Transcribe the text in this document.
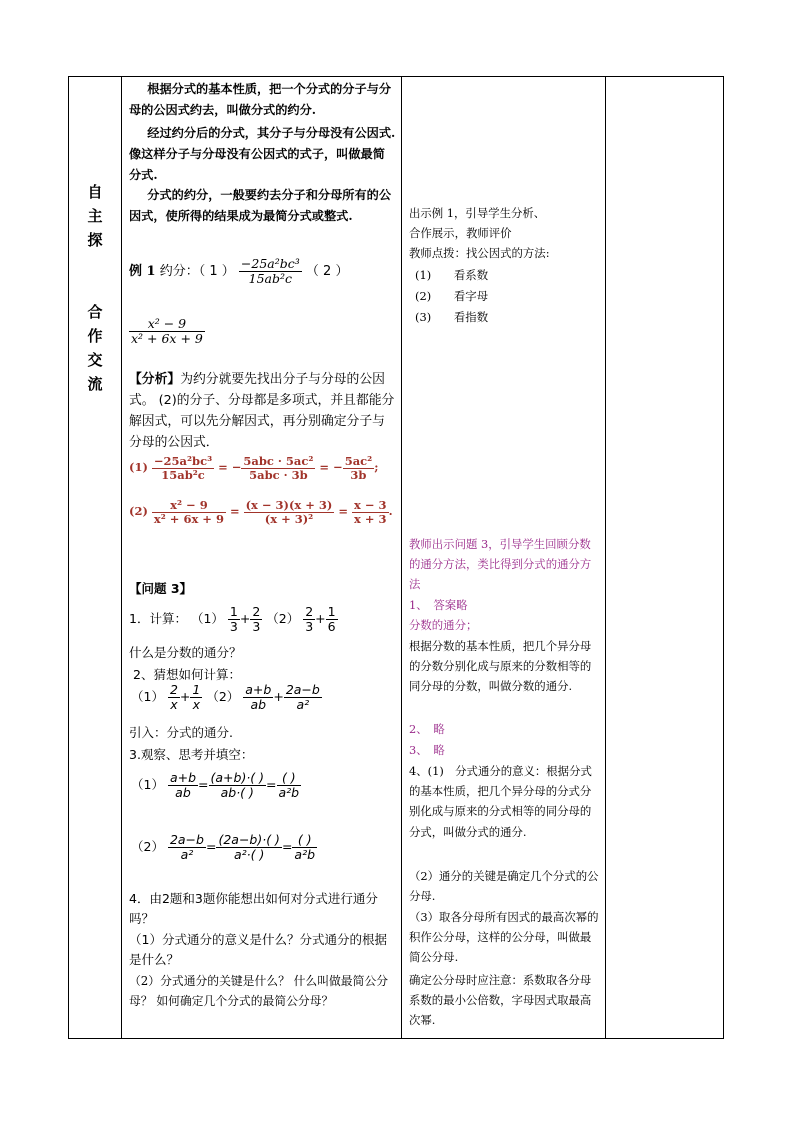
自
主
探
合
作
交
流

根据分式的基本性质，把一个分式的分子与分母的公因式约去，叫做分式的约分.

经过约分后的分式，其分子与分母没有公因式.像这样分子与分母没有公因式的式子，叫做最简分式.

分式的约分，一般要约去分子和分母所有的公因式，使所得的结果成为最简分式或整式.

例 1 约分：（ 1 ） $\frac{\text{−25a²bc³}}{\text{15ab²c}}$ （ 2 ）
$\frac{\text{x² − 9}}{\text{x² + 6x + 9}}$

【分析】为约分就要先找出分子与分母的公因式。 (2)的分子、分母都是多项式，并且都能分解因式，可以先分解因式，再分别确定分子与分母的公因式．

$(1) \frac{\text{−25a²bc³}}{\text{15ab²c}}$ = − $\frac{\text{5abc · 5ac²}}{\text{5abc · 3b}}$ = − $\frac{\text{5ac²}}{3b}$ ;
$(2) \frac{\text{x² − 9}}{\text{x² + 6x + 9}} = \frac{(x - 3)(x + 3)}{\text{(x + 3)²}} = \frac{x - 3}{x + 3}$ .
【问题 3】
1．计算： $(1) \frac{1}{3} + \frac{2}{3} (2) \frac{2}{3} + \frac{1}{6}$
什么是分数的通分？
2、猜想如何计算：
$(1) \frac{2}{x} + \frac{1}{x} (2) \frac{a+b}{ab} + \frac{2a-b}{\text{a²}}$
引入：分式的通分.
3.观察、思考并填空：
$(1) \frac{a+b}{ab} = \frac{(a+b)\cdot( )}{ab\cdot( )} = \frac{( )}{\text{a²b}}$
$(2) \frac{2a-b}{\text{a²}} = \frac{(2a-b)\cdot( )}{\text{a²·( )}} = \frac{( )}{\text{a²b}}$

4．由2题和3题你能想出如何对分式进行通分吗？

（1）分式通分的意义是什么？分式通分的根据是什么？

（2）分式通分的关键是什么？ 什么叫做最简公分母？ 如何确定几个分式的最简公分母？

出示例 1，引导学生分析、

合作展示，教师评价

教师点拨：找公因式的方法:

(1)　　看系数

(2)　　看字母

(3)　　看指数

教师出示问题 3，引导学生回顾分数的通分方法，类比得到分式的通分方法

1、　答案略

分数的通分；

根据分数的基本性质，把几个异分母的分数分别化成与原来的分数相等的同分母的分数，叫做分数的通分.

2、　略

3、　略

4、(1)　分式通分的意义：根据分式的基本性质，把几个异分母的分式分别化成与原来的分式相等的同分母的分式，叫做分式的通分.

（2）通分的关键是确定几个分式的公分母.

（3）取各分母所有因式的最高次幂的积作公分母，这样的公分母，叫做最简公分母.

确定公分母时应注意：系数取各分母系数的最小公倍数，字母因式取最高次幂.
